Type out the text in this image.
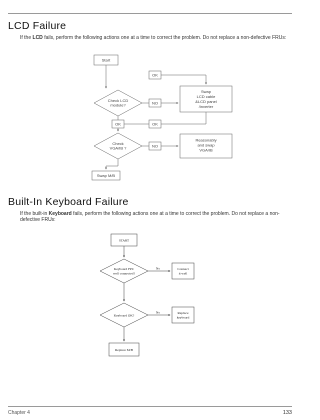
LCD Failure
If the LCD fails, perform the following actions one at a time to correct the problem. Do not replace a non-defective FRUs:
Start
Check LCD
module?
OK
NO
Swap
LCD cable
&LCD panel
/inverter
OK	OK
Check
VGA/IB ?	NO
Reasonably
and swap
VGA/IB
Swap M/B
Built-In Keyboard Failure
If the built-in Keyboard fails, perform the following actions one at a time to correct the problem. Do not replace a non-defective FRUs:
START
Keyboard FPC
well connected?
No	Connect
it well
Keyboard OK?
No	Replace
keyboard
Replace M/B
Chapter 4	133
